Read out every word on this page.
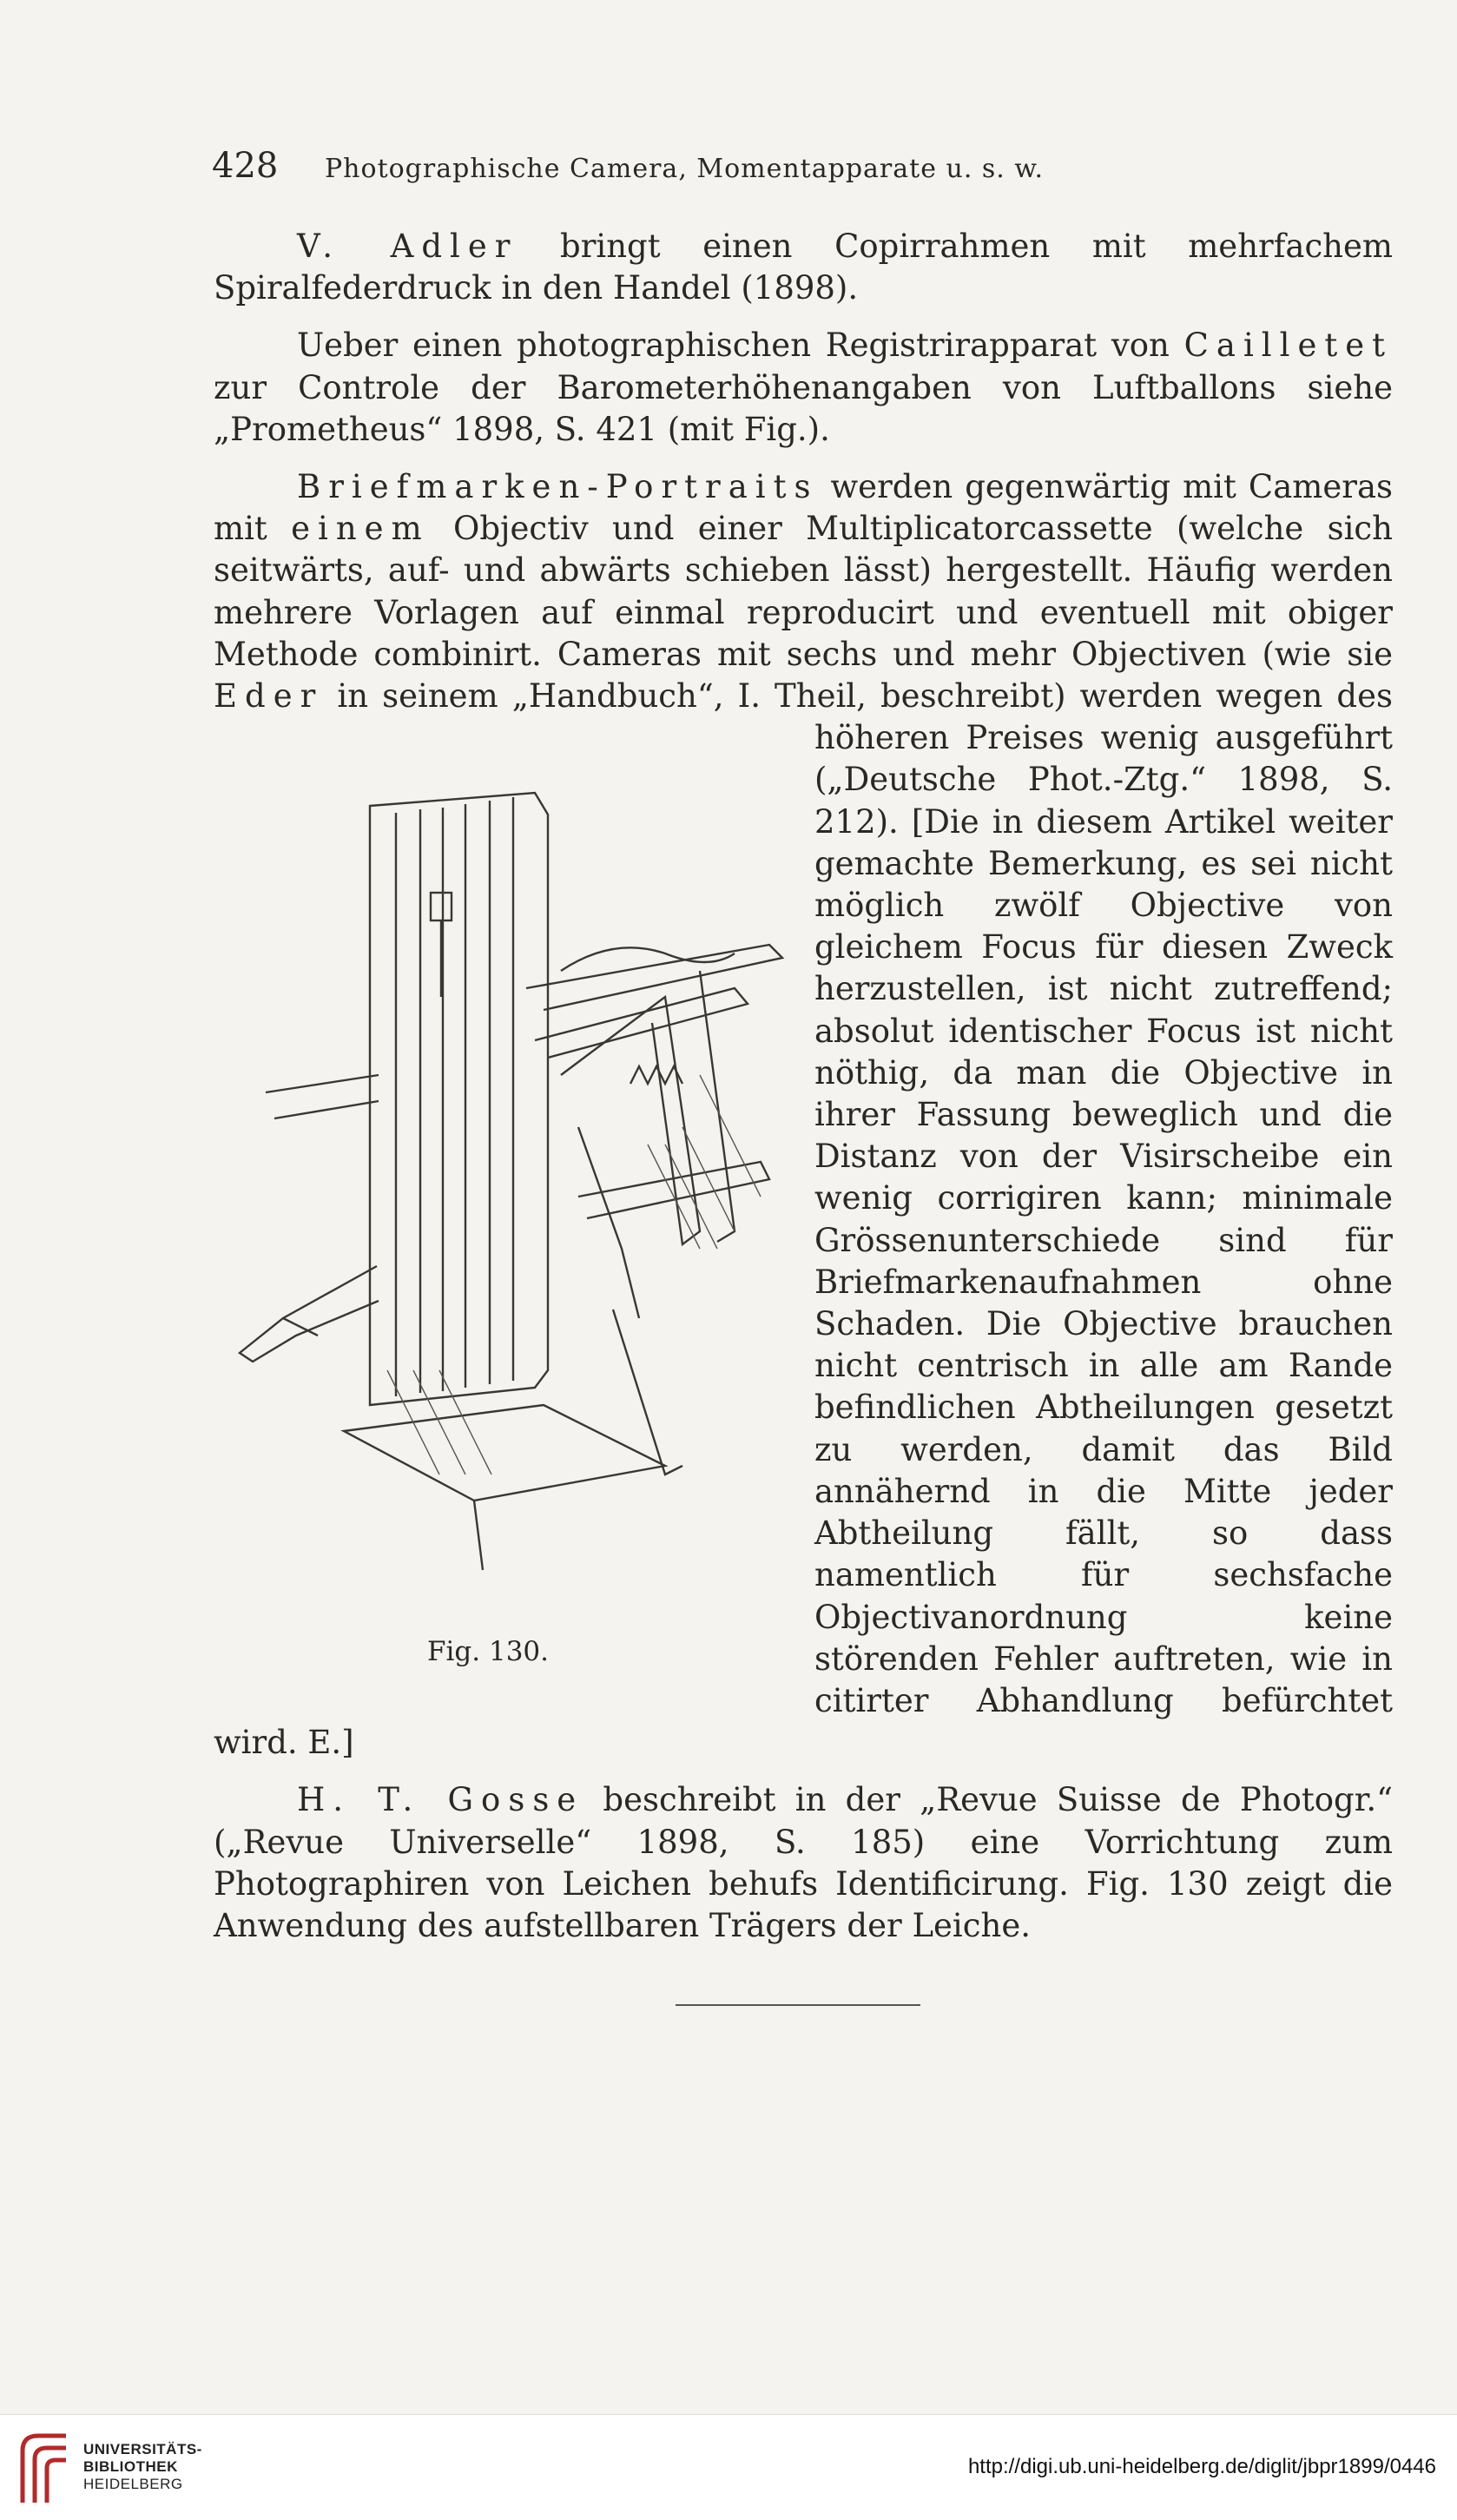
428	Photographische Camera, Momentapparate u. s. w.

V. Adler bringt einen Copirrahmen mit mehrfachem Spiralfederdruck in den Handel (1898).

Ueber einen photographischen Registrirapparat von Cailletet zur Controle der Barometerhöhenangaben von Luftballons siehe „Prometheus“ 1898, S. 421 (mit Fig.).

Briefmarken-Portraits werden gegenwärtig mit Cameras mit einem Objectiv und einer Multiplicatorcassette (welche sich seitwärts, auf- und abwärts schieben lässt) hergestellt. Häufig werden mehrere Vorlagen auf einmal reproducirt und eventuell mit obiger Methode combinirt. Cameras mit sechs und mehr Objectiven (wie sie Eder
Fig. 130.
in seinem „Handbuch“, I. Theil, beschreibt) werden wegen des höheren Preises wenig ausgeführt („Deutsche Phot.-Ztg.“ 1898, S. 212). [Die in diesem Artikel weiter gemachte Bemerkung, es sei nicht möglich zwölf Objective von gleichem Focus für diesen Zweck herzustellen, ist nicht zutreffend; absolut identischer Focus ist nicht nöthig, da man die Objective in ihrer Fassung beweglich und die Distanz von der Visirscheibe ein wenig corrigiren kann; minimale Grössenunterschiede sind für Briefmarkenaufnahmen ohne Schaden. Die Objective brauchen nicht centrisch in alle am Rande befindlichen Abtheilungen gesetzt zu werden, damit das Bild annähernd in die Mitte jeder Abtheilung fällt, so dass namentlich für sechsfache Objectivanordnung keine störenden Fehler auftreten, wie in citirter Abhandlung befürchtet wird. E.]

H. T. Gosse beschreibt in der „Revue Suisse de Photogr.“ („Revue Universelle“ 1898, S. 185) eine Vorrichtung zum Photographiren von Leichen behufs Identificirung. Fig. 130 zeigt die Anwendung des aufstellbaren Trägers der Leiche.

UNIVERSITÄTS-
BIBLIOTHEK
HEIDELBERG
http://digi.ub.uni-heidelberg.de/diglit/jbpr1899/0446
